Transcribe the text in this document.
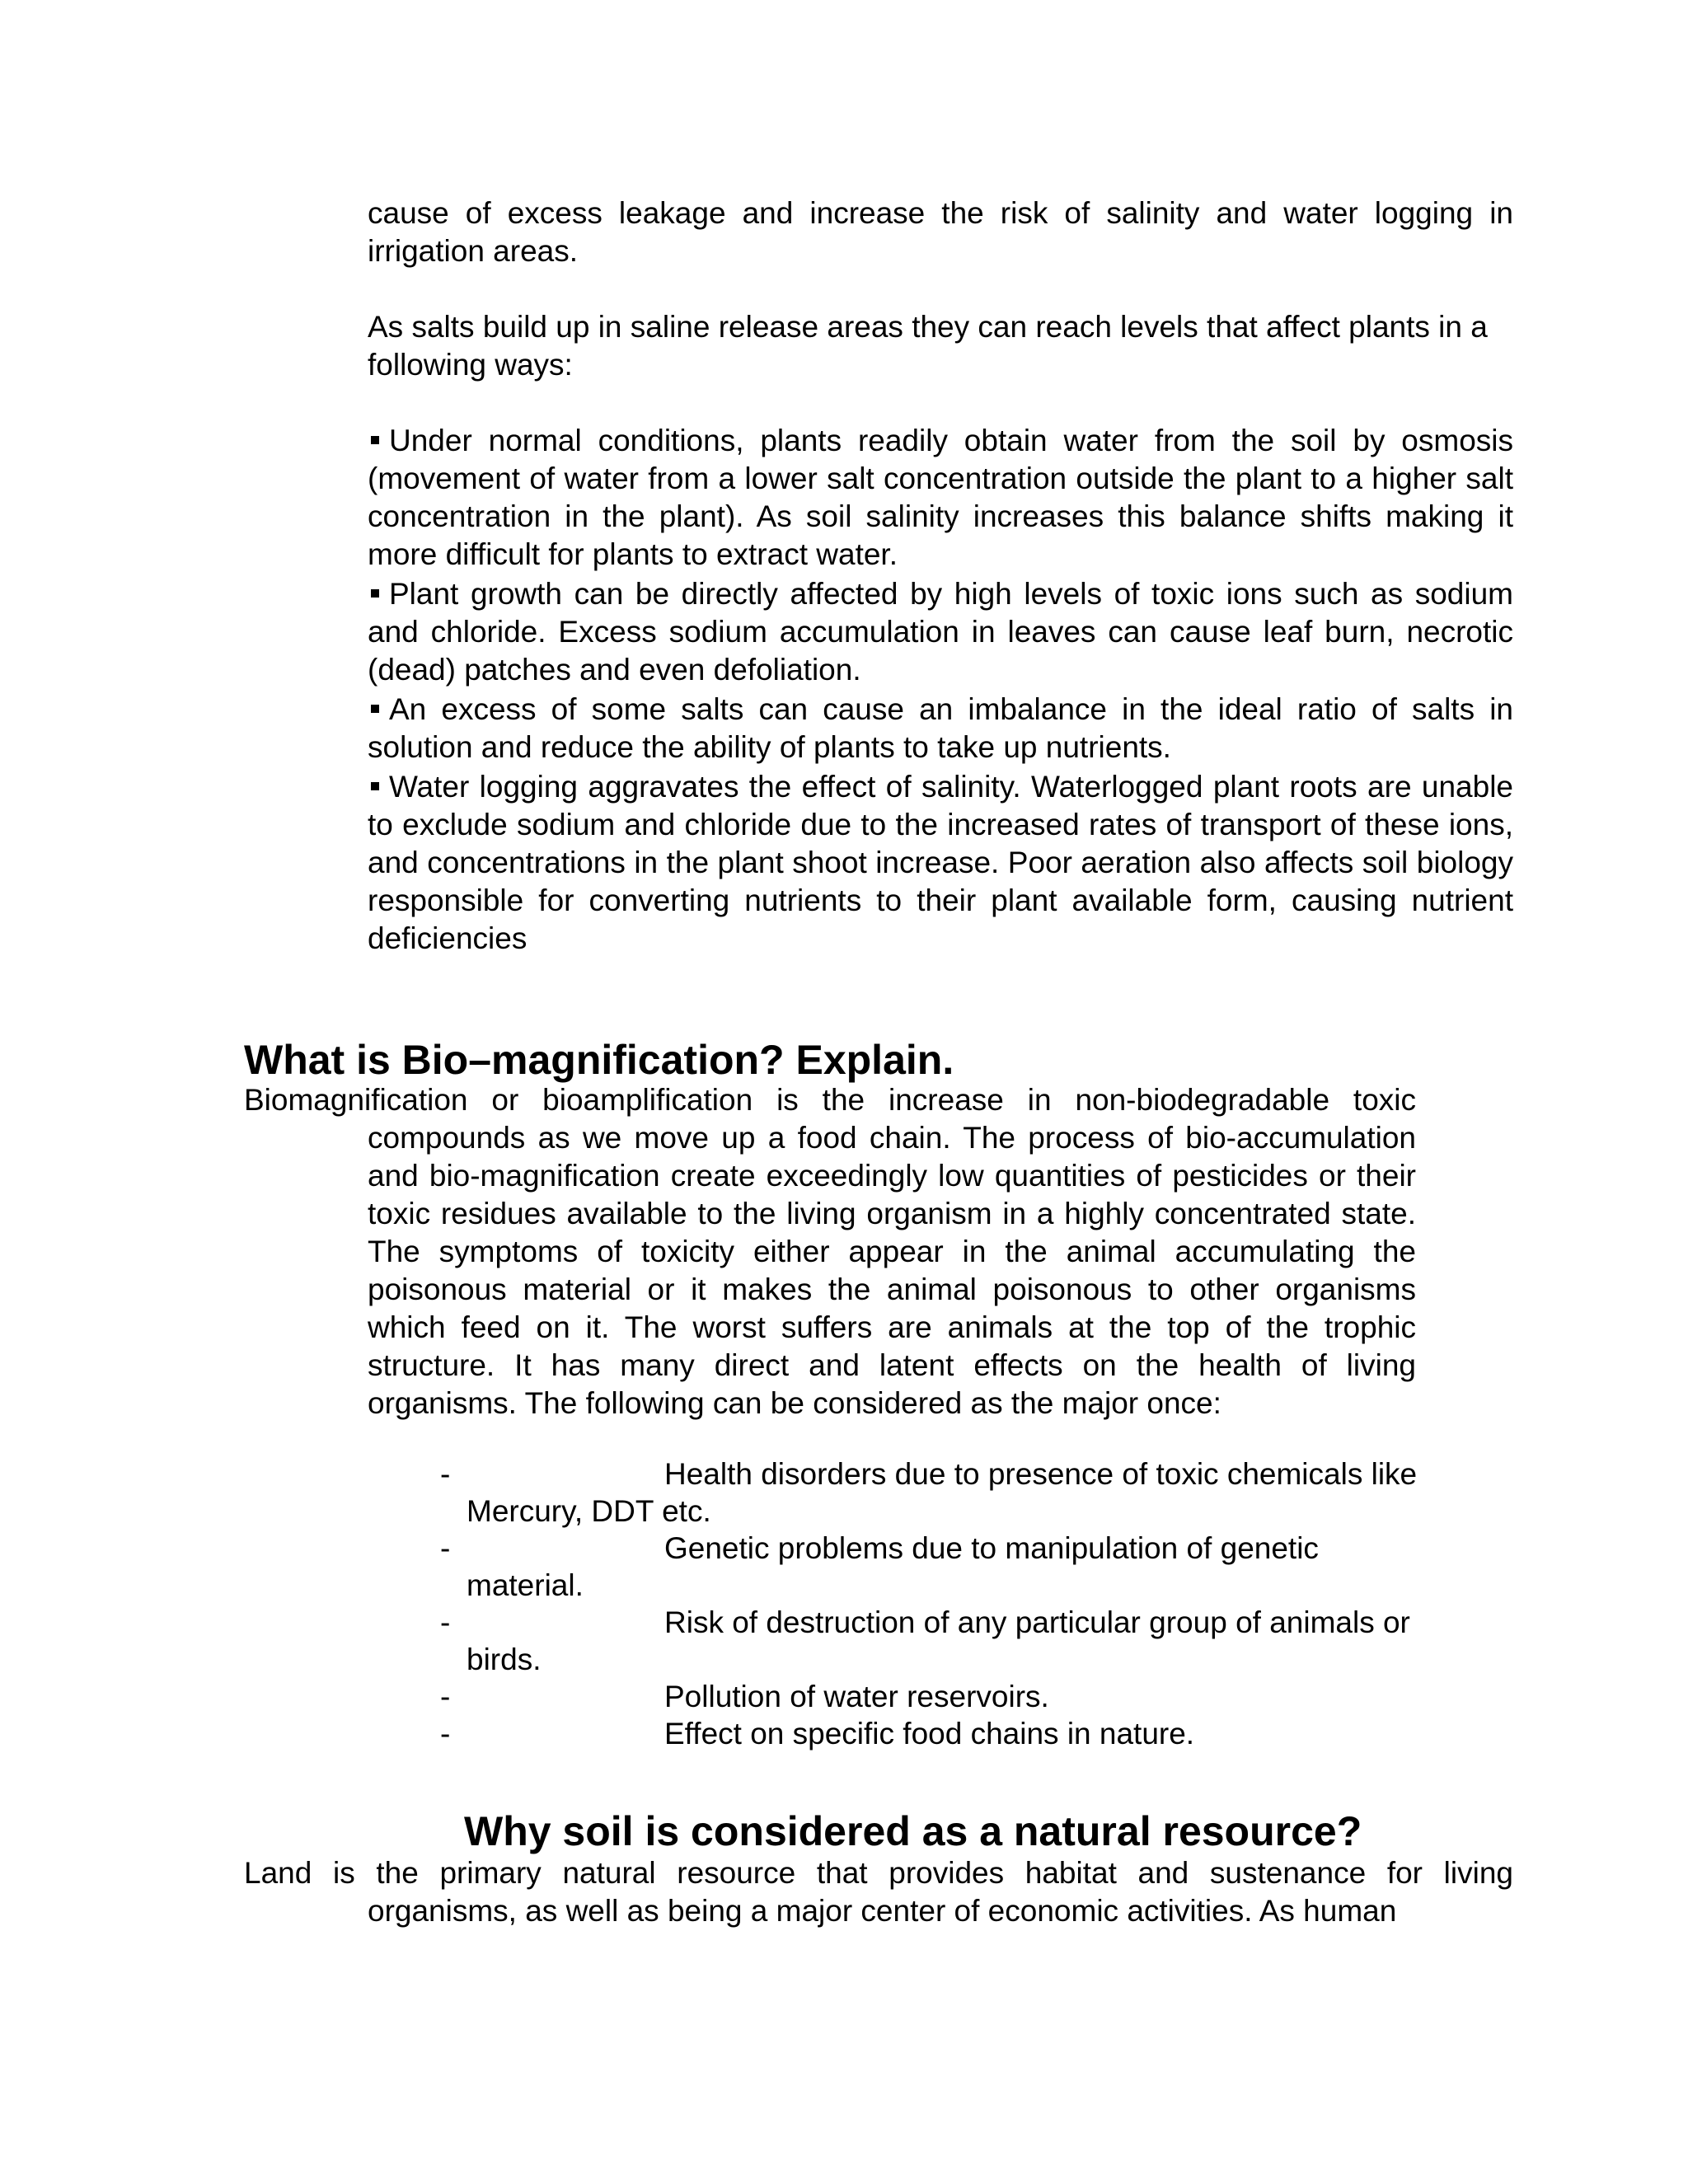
cause of excess leakage and increase the risk of salinity and water logging in irrigation areas.

As salts build up in saline release areas they can reach levels that affect plants in a following ways:

Under normal conditions, plants readily obtain water from the soil by osmosis (movement of water from a lower salt concentration outside the plant to a higher salt concentration in the plant). As soil salinity increases this balance shifts making it more difficult for plants to extract water.
Plant growth can be directly affected by high levels of toxic ions such as sodium and chloride. Excess sodium accumulation in leaves can cause leaf burn, necrotic (dead) patches and even defoliation.
An excess of some salts can cause an imbalance in the ideal ratio of salts in solution and reduce the ability of plants to take up nutrients.
Water logging aggravates the effect of salinity. Waterlogged plant roots are unable to exclude sodium and chloride due to the increased rates of transport of these ions, and concentrations in the plant shoot increase. Poor aeration also affects soil biology responsible for converting nutrients to their plant available form, causing nutrient deficiencies
What is Bio–magnification? Explain.

Biomagnification or bioamplification is the increase in non-biodegradable toxic compounds as we move up a food chain. The process of bio-accumulation and bio-magnification create exceedingly low quantities of pesticides or their toxic residues available to the living organism in a highly concentrated state. The symptoms of toxicity either appear in the animal accumulating the poisonous material or it makes the animal poisonous to other organisms which feed on it. The worst suffers are animals at the top of the trophic structure. It has many direct and latent effects on the health of living organisms. The following can be considered as the major once:

-	Health disorders due to presence of toxic chemicals like Mercury, DDT etc.
-	Genetic problems due to manipulation of genetic material.
-	Risk of destruction of any particular group of animals or birds.
-	Pollution of water reservoirs.
-	Effect on specific food chains in nature.
Why soil is considered as a natural resource?

Land is the primary natural resource that provides habitat and sustenance for living organisms, as well as being a major center of economic activities. As human
